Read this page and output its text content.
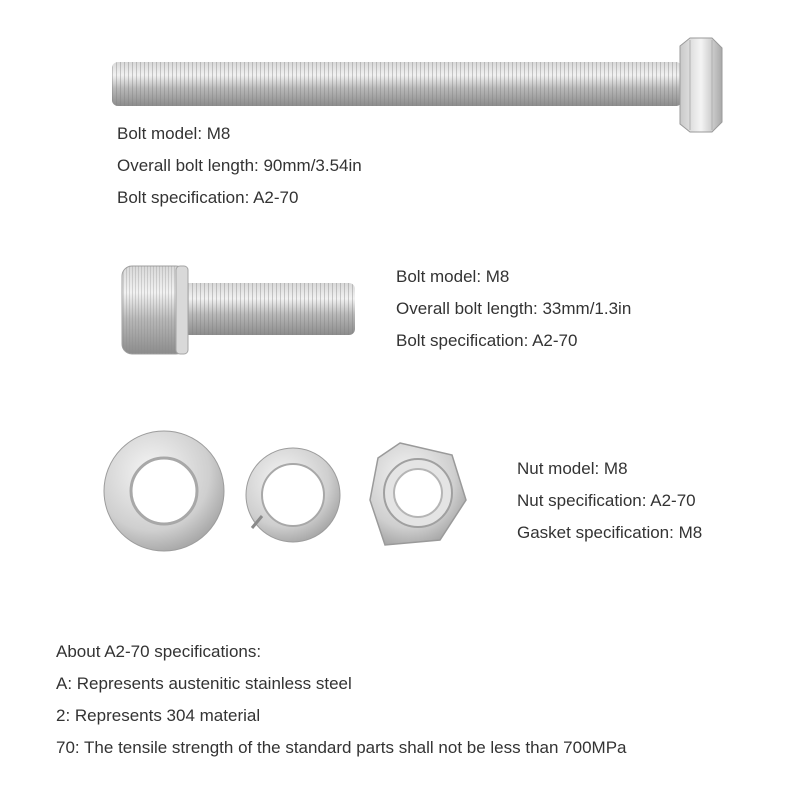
Bolt model: M8
Overall bolt length: 90mm/3.54in
Bolt specification: A2-70
Bolt model: M8
Overall bolt length: 33mm/1.3in
Bolt specification: A2-70
Nut model: M8
Nut specification: A2-70
Gasket specification: M8
About A2-70 specifications:
A: Represents austenitic stainless steel
2: Represents 304 material
70: The tensile strength of the standard parts shall not be less than 700MPa
